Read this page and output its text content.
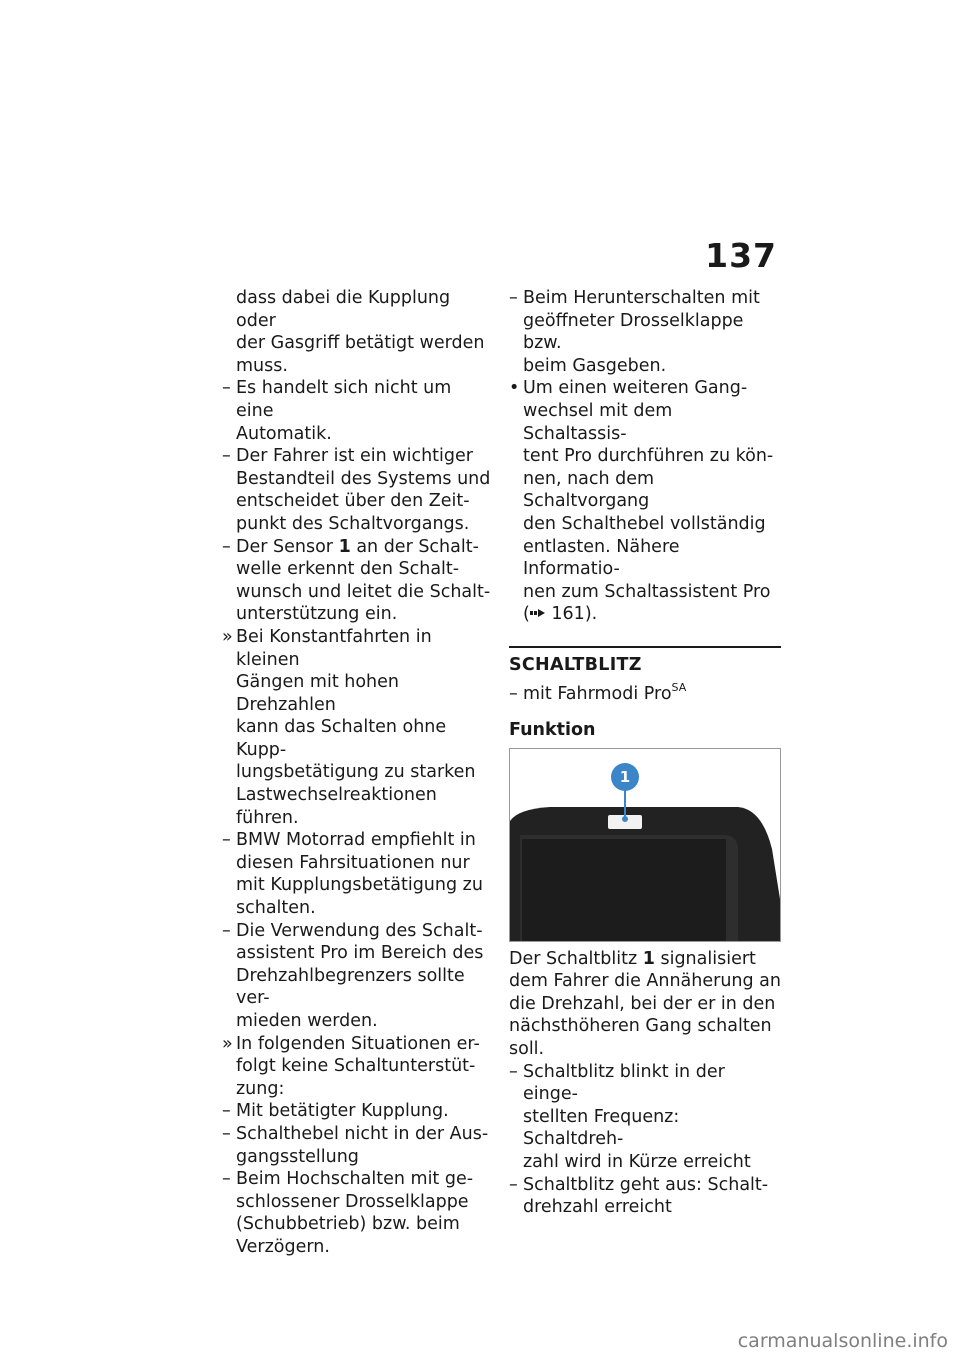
137
dass dabei die Kupplung oder
der Gasgriff betätigt werden
muss.
– Es handelt sich nicht um eine
Automatik.
– Der Fahrer ist ein wichtiger
Bestandteil des Systems und
entscheidet über den Zeit-
punkt des Schaltvorgangs.
– Der Sensor 1 an der Schalt-
welle erkennt den Schalt-
wunsch und leitet die Schalt-
unterstützung ein.
» Bei Konstantfahrten in kleinen
Gängen mit hohen Drehzahlen
kann das Schalten ohne Kupp-
lungsbetätigung zu starken
Lastwechselreaktionen führen.
– BMW Motorrad empfiehlt in
diesen Fahrsituationen nur
mit Kupplungsbetätigung zu
schalten.
– Die Verwendung des Schalt-
assistent Pro im Bereich des
Drehzahlbegrenzers sollte ver-
mieden werden.
» In folgenden Situationen er-
folgt keine Schaltunterstüt-
zung:
– Mit betätigter Kupplung.
– Schalthebel nicht in der Aus-
gangsstellung
– Beim Hochschalten mit ge-
schlossener Drosselklappe
(Schubbetrieb) bzw. beim
Verzögern.
– Beim Herunterschalten mit
geöffneter Drosselklappe bzw.
beim Gasgeben.
• Um einen weiteren Gang-
wechsel mit dem Schaltassis-
tent Pro durchführen zu kön-
nen, nach dem Schaltvorgang
den Schalthebel vollständig
entlasten. Nähere Informatio-
nen zum Schaltassistent Pro
( 161).
SCHALTBLITZ
– mit Fahrmodi Pro$^{SA}$
Funktion
1
Der Schaltblitz 1 signalisiert
dem Fahrer die Annäherung an
die Drehzahl, bei der er in den
nächsthöheren Gang schalten
soll.
– Schaltblitz blinkt in der einge-
stellten Frequenz: Schaltdreh-
zahl wird in Kürze erreicht
– Schaltblitz geht aus: Schalt-
drehzahl erreicht
carmanualsonline.info
